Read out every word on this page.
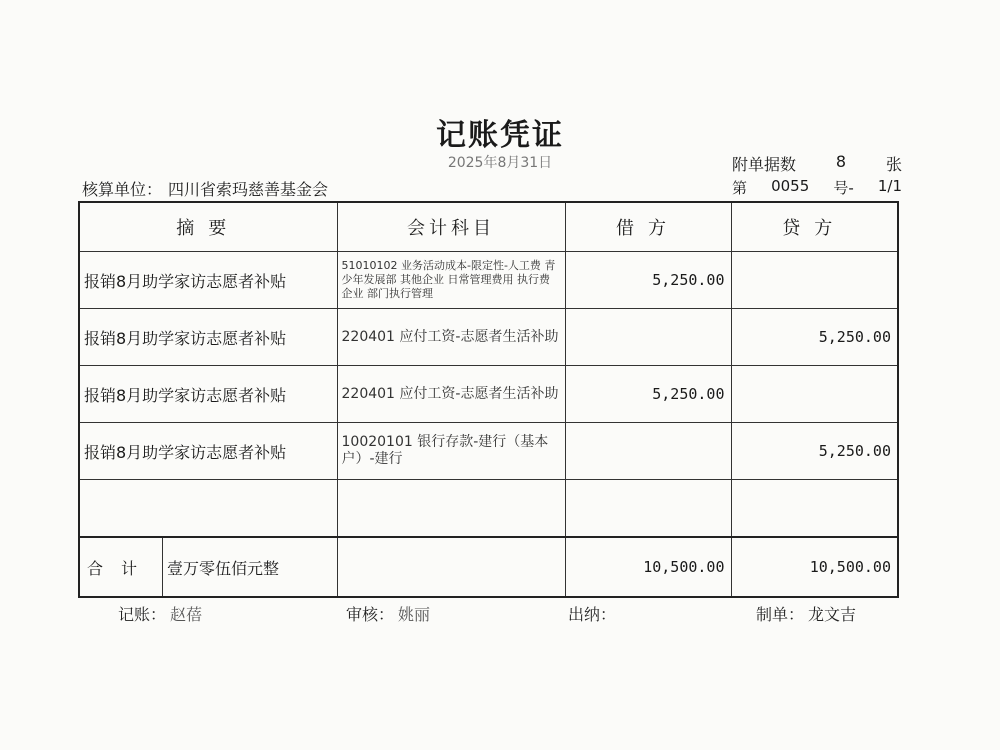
记账凭证
2025年8月31日	附单据数 8 张
核算单位： 四川省索玛慈善基金会	第 0055 号- 1/1
摘要	会计科目	借方	贷方
报销8月助学家访志愿者补贴	51010102 业务活动成本-限定性-人工费 青少年发展部 其他企业 日常管理费用 执行费 企业 部门执行管理	5,250.00	
报销8月助学家访志愿者补贴	220401 应付工资-志愿者生活补助		5,250.00
报销8月助学家访志愿者补贴	220401 应付工资-志愿者生活补助	5,250.00	
报销8月助学家访志愿者补贴	10020101 银行存款-建行（基本户）-建行		5,250.00

合计 壹万零伍佰元整		10,500.00	10,500.00
记账： 赵蓓	审核： 姚丽	出纳：	制单： 龙文吉
